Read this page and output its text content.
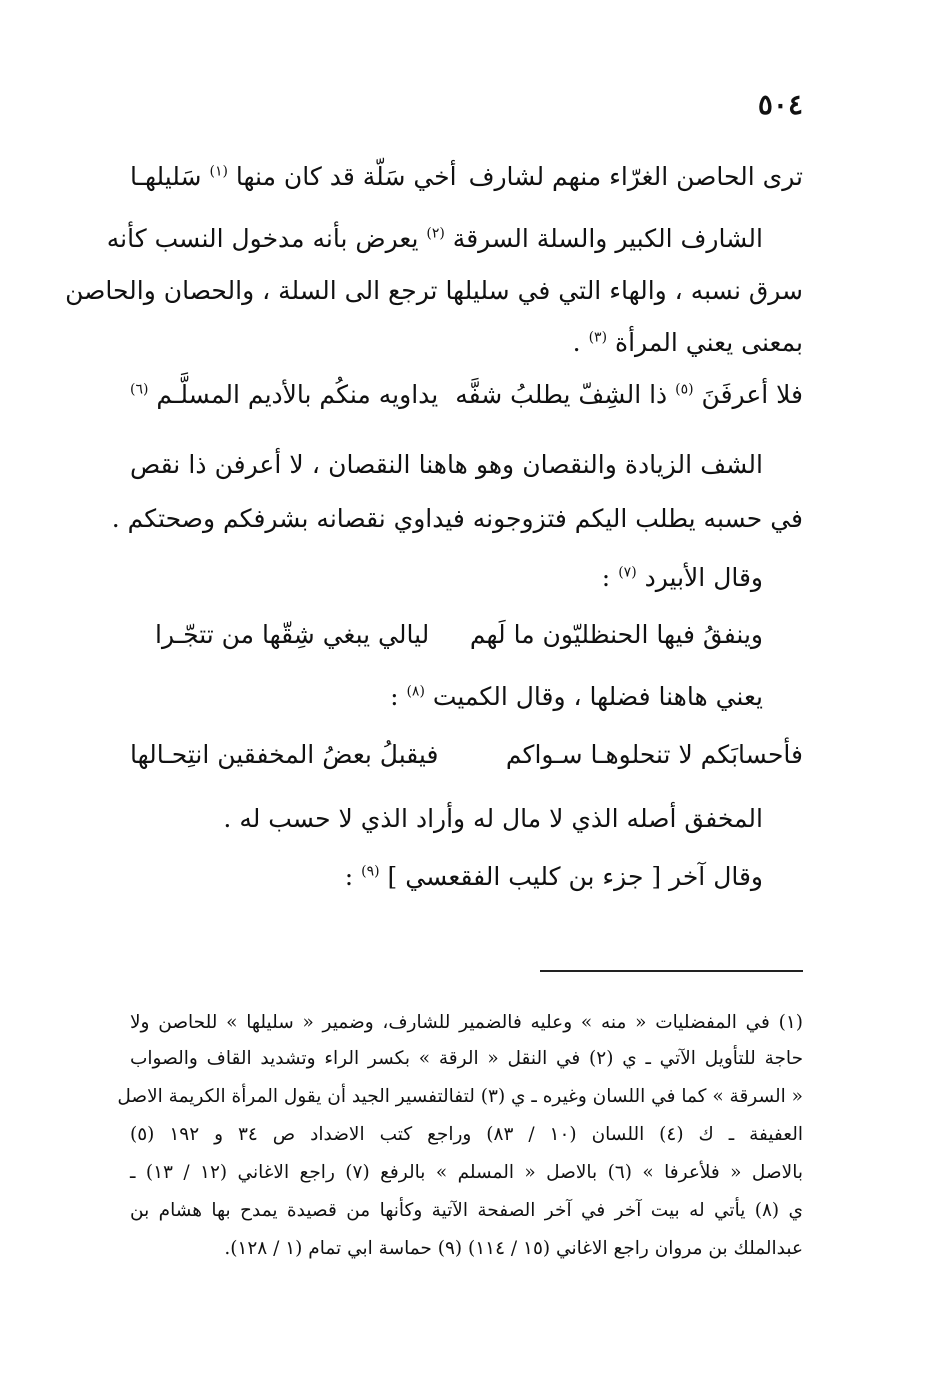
٥٠٤
ترى الحاصن الغرّاء منهم لشارف
أخي سَلّة قد كان منها $^{(١)}$ سَليلهـا
الشارف الكبير والسلة السرقة $^{(٢)}$ يعرض بأنه مدخول النسب كأنه
سرق نسبه ، والهاء التي في سليلها ترجع الى السلة ، والحصان والحاصن
بمعنى يعني المرأة $^{(٣)}$ .
فلا أعرفَنَ $^{(٥)}$ ذا الشِفّ يطلبُ شفَّه
يداويه منكُم بالأديم المسلَّـم $^{(٦)}$
الشف الزيادة والنقصان وهو هاهنا النقصان ، لا أعرفن ذا نقص
في حسبه يطلب اليكم فتزوجونه فيداوي نقصانه بشرفكم وصحتكم .
وقال الأبيرد $^{(٧)}$ :
وينفقُ فيها الحنظليّون ما لَهم
ليالي يبغي شِقّها من تتجّـرا
يعني هاهنا فضلها ، وقال الكميت $^{(٨)}$ :
فأحسابَكم لا تنحلوهـا سـواكم
فيقبلُ بعضُ المخفقين انتِحـالها
المخفق أصله الذي لا مال له وأراد الذي لا حسب له .
وقال آخر [ جزء بن كليب الفقعسي ] $^{(٩)}$ :
(١) في المفضليات « منه » وعليه فالضمير للشارف، وضمير « سليلها » للحاصن ولا
حاجة للتأويل الآتي ـ ي (٢) في النقل « الرقة » بكسر الراء وتشديد القاف والصواب
« السرقة » كما في اللسان وغيره ـ ي (٣) لتفالتفسير الجيد أن يقول المرأة الكريمة الاصل
العفيفة ـ ك (٤) اللسان (١٠ / ٨٣) وراجع كتب الاضداد ص ٣٤ و ١٩٢ (٥)
بالاصل « فلأعرفا » (٦) بالاصل « المسلم » بالرفع (٧) راجع الاغاني (١٢ / ١٣) ـ
ي (٨) يأتي له بيت آخر في آخر الصفحة الآتية وكأنها من قصيدة يمدح بها هشام بن
عبدالملك بن مروان راجع الاغاني (١٥ / ١١٤) (٩) حماسة ابي تمام (١ / ١٢٨).
